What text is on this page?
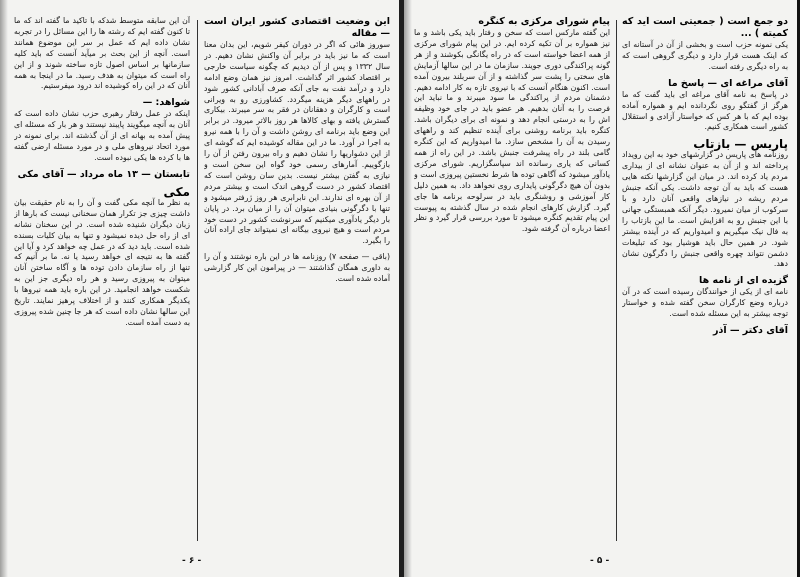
آن این سابقه متوسط شدکه با تاکید ما گفته اند که ما تا کنون گفته ایم که رشته ها را این مسائل را در تجربه نشان داده ایم که عمل بر سر این موضوع همانند است. آنچه از این بحث بر میآید آنست که باید کلیه سازمانها بر اساس اصول تازه ساخته شوند و از این راه است که میتوان به هدف رسید. ما در اینجا به همه آنان که در این راه کوشیده اند درود میفرستیم.
شواهد: —
اینکه در عمل رفتار رهبری حزب نشان داده است که آنان به آنچه میگویند پایبند نیستند و هر بار که مسئله ای پیش آمده به بهانه ای از آن گذشته اند. برای نمونه در مورد اتحاد نیروهای ملی و در مورد مسئله ارضی گفته ها با کرده ها یکی نبوده است.
تابستان — ۱۳ ماه مرداد — آقای مکی
مکی
به نظر ما آنچه مکی گفت و آن را به نام حقیقت بیان داشت چیزی جز تکرار همان سخنانی نیست که بارها از زبان دیگران شنیده شده است. در این سخنان نشانه ای از راه حل دیده نمیشود و تنها به بیان کلیات بسنده شده است. باید دید که در عمل چه خواهد کرد و آیا این گفته ها به نتیجه ای خواهد رسید یا نه. ما بر آنیم که تنها از راه سازمان دادن توده ها و آگاه ساختن آنان میتوان به پیروزی رسید و هر راه دیگری جز این به شکست خواهد انجامید. در این باره باید همه نیروها با یکدیگر همکاری کنند و از اختلاف پرهیز نمایند. تاریخ این سالها نشان داده است که هر جا چنین شده پیروزی به دست آمده است.
این وضعیت اقتصادی کشور ایران است — مقاله
سوروز هائی که اگر در دوران کیفر شویم، این بدان معنا است که ما نیز باید در برابر آن واکنش نشان دهیم. در سال ۱۳۳۲ و پس از آن دیدیم که چگونه سیاست خارجی بر اقتصاد کشور اثر گذاشت. امروز نیز همان وضع ادامه دارد و درآمد نفت به جای آنکه صرف آبادانی کشور شود در راههای دیگر هزینه میگردد. کشاورزی رو به ویرانی است و کارگران و دهقانان در فقر به سر میبرند. بیکاری گسترش یافته و بهای کالاها هر روز بالاتر میرود. در برابر این وضع باید برنامه ای روشن داشت و آن را با همه نیرو به اجرا در آورد. ما در این مقاله کوشیده ایم که گوشه ای از این دشواریها را نشان دهیم و راه بیرون رفتن از آن را بازگوییم. آمارهای رسمی خود گواه این سخن است و نیازی به گفتن بیشتر نیست. بدین سان روشن است که اقتصاد کشور در دست گروهی اندک است و بیشتر مردم از آن بهره ای ندارند. این نابرابری هر روز ژرفتر میشود و تنها با دگرگونی بنیادی میتوان آن را از میان برد. در پایان بار دیگر یادآوری میکنیم که سرنوشت کشور در دست خود مردم است و هیچ نیروی بیگانه ای نمیتواند جای اراده آنان را بگیرد.
(باقی — صفحه ۷) روزنامه ها در این باره نوشتند و آن را به داوری همگان گذاشتند — در پیرامون این کار گزارشی آماده شده است.
- ۶ -
پیام شورای مرکزی به کنگره
این گفته مارکس است که سخن و رفتار باید یکی باشد و ما نیز همواره بر آن تکیه کرده ایم. در این پیام شورای مرکزی از همه اعضا خواسته است که در راه یگانگی بکوشند و از هر گونه پراکندگی دوری جویند. سازمان ما در این سالها آزمایش های سختی را پشت سر گذاشته و از آن سربلند بیرون آمده است. اکنون هنگام آنست که با نیروی تازه به کار ادامه دهیم. دشمنان مردم از پراکندگی ما سود میبرند و ما نباید این فرصت را به آنان بدهیم. هر عضو باید در جای خود وظیفه اش را به درستی انجام دهد و نمونه ای برای دیگران باشد. کنگره باید برنامه روشنی برای آینده تنظیم کند و راههای رسیدن به آن را مشخص سازد. ما امیدواریم که این کنگره گامی بلند در راه پیشرفت جنبش باشد. در این راه از همه کسانی که یاری رسانده اند سپاسگزاریم. شورای مرکزی یادآور میشود که آگاهی توده ها شرط نخستین پیروزی است و بدون آن هیچ دگرگونی پایداری روی نخواهد داد. به همین دلیل کار آموزشی و روشنگری باید در سرلوحه برنامه ها جای گیرد. گزارش کارهای انجام شده در سال گذشته به پیوست این پیام تقدیم کنگره میشود تا مورد بررسی قرار گیرد و نظر اعضا درباره آن گرفته شود.
دو جمع است ( جمعیتی است آید که کمیته ) ...
یکی نمونه حزب است و بخشی از آن در آستانه ای که اینک هست قرار دارد و دیگری گروهی است که به راه دیگری رفته است.
آقای مراغه ای — پاسخ ما
در پاسخ به نامه آقای مراغه ای باید گفت که ما هرگز از گفتگو روی نگردانده ایم و همواره آماده بوده ایم که با هر کس که خواستار آزادی و استقلال کشور است همکاری کنیم.
پاریس — بازتاب
روزنامه های پاریس در گزارشهای خود به این رویداد پرداخته اند و از آن به عنوان نشانه ای از بیداری مردم یاد کرده اند. در میان این گزارشها نکته هایی هست که باید به آن توجه داشت. یکی آنکه جنبش مردم ریشه در نیازهای واقعی آنان دارد و با سرکوب از میان نمیرود. دیگر آنکه همبستگی جهانی با این جنبش رو به افزایش است. ما این بازتاب را به فال نیک میگیریم و امیدواریم که در آینده بیشتر شود. در همین حال باید هوشیار بود که تبلیغات دشمن نتواند چهره واقعی جنبش را دگرگون نشان دهد.
گزیده ای از نامه ها
نامه ای از یکی از خوانندگان رسیده است که در آن درباره وضع کارگران سخن گفته شده و خواستار توجه بیشتر به این مسئله شده است.
آقای دکتر — آذر
- ۵ -
